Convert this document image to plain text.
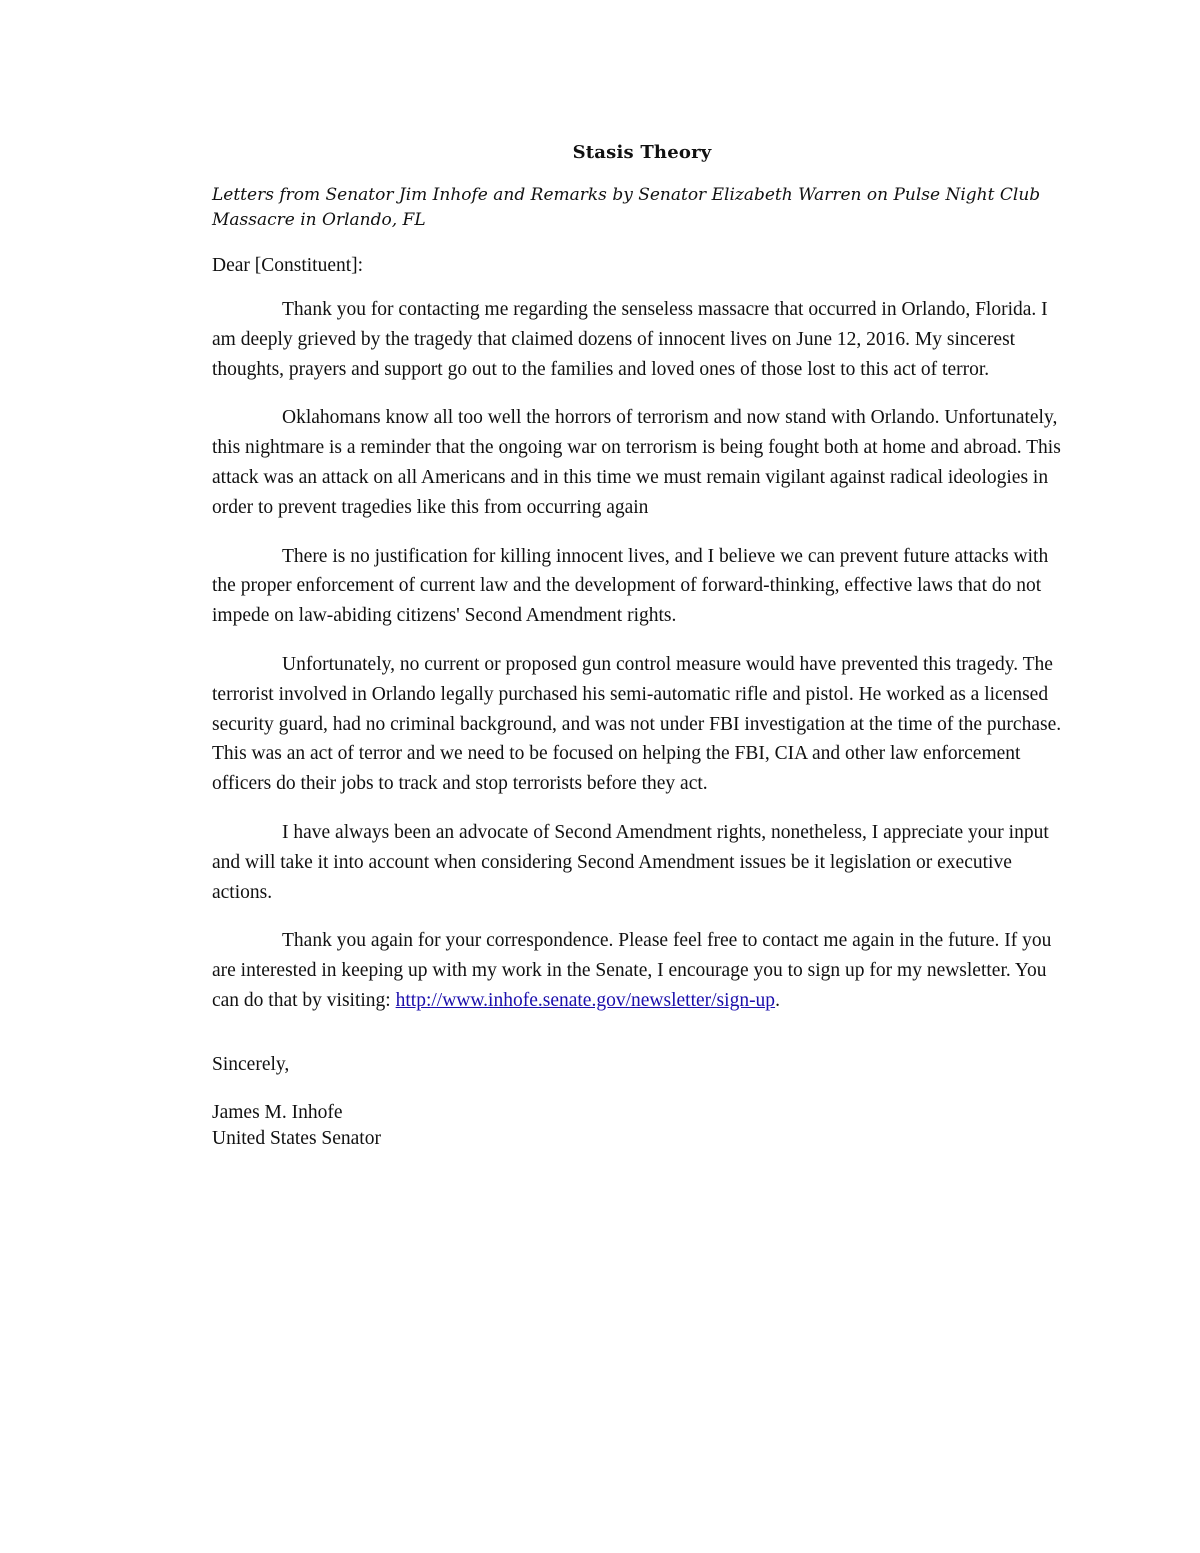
Stasis Theory
Letters from Senator Jim Inhofe and Remarks by Senator Elizabeth Warren on Pulse Night Club Massacre in Orlando, FL
Dear [Constituent]:

Thank you for contacting me regarding the senseless massacre that occurred in Orlando, Florida. I am deeply grieved by the tragedy that claimed dozens of innocent lives on June 12, 2016. My sincerest thoughts, prayers and support go out to the families and loved ones of those lost to this act of terror.

Oklahomans know all too well the horrors of terrorism and now stand with Orlando. Unfortunately, this nightmare is a reminder that the ongoing war on terrorism is being fought both at home and abroad. This attack was an attack on all Americans and in this time we must remain vigilant against radical ideologies in order to prevent tragedies like this from occurring again

There is no justification for killing innocent lives, and I believe we can prevent future attacks with the proper enforcement of current law and the development of forward-thinking, effective laws that do not impede on law-abiding citizens' Second Amendment rights.

Unfortunately, no current or proposed gun control measure would have prevented this tragedy. The terrorist involved in Orlando legally purchased his semi-automatic rifle and pistol. He worked as a licensed security guard, had no criminal background, and was not under FBI investigation at the time of the purchase. This was an act of terror and we need to be focused on helping the FBI, CIA and other law enforcement officers do their jobs to track and stop terrorists before they act.

I have always been an advocate of Second Amendment rights, nonetheless, I appreciate your input and will take it into account when considering Second Amendment issues be it legislation or executive actions.

Thank you again for your correspondence. Please feel free to contact me again in the future. If you are interested in keeping up with my work in the Senate, I encourage you to sign up for my newsletter. You can do that by visiting: http://www.inhofe.senate.gov/newsletter/sign-up.

Sincerely,
James M. Inhofe
United States Senator
